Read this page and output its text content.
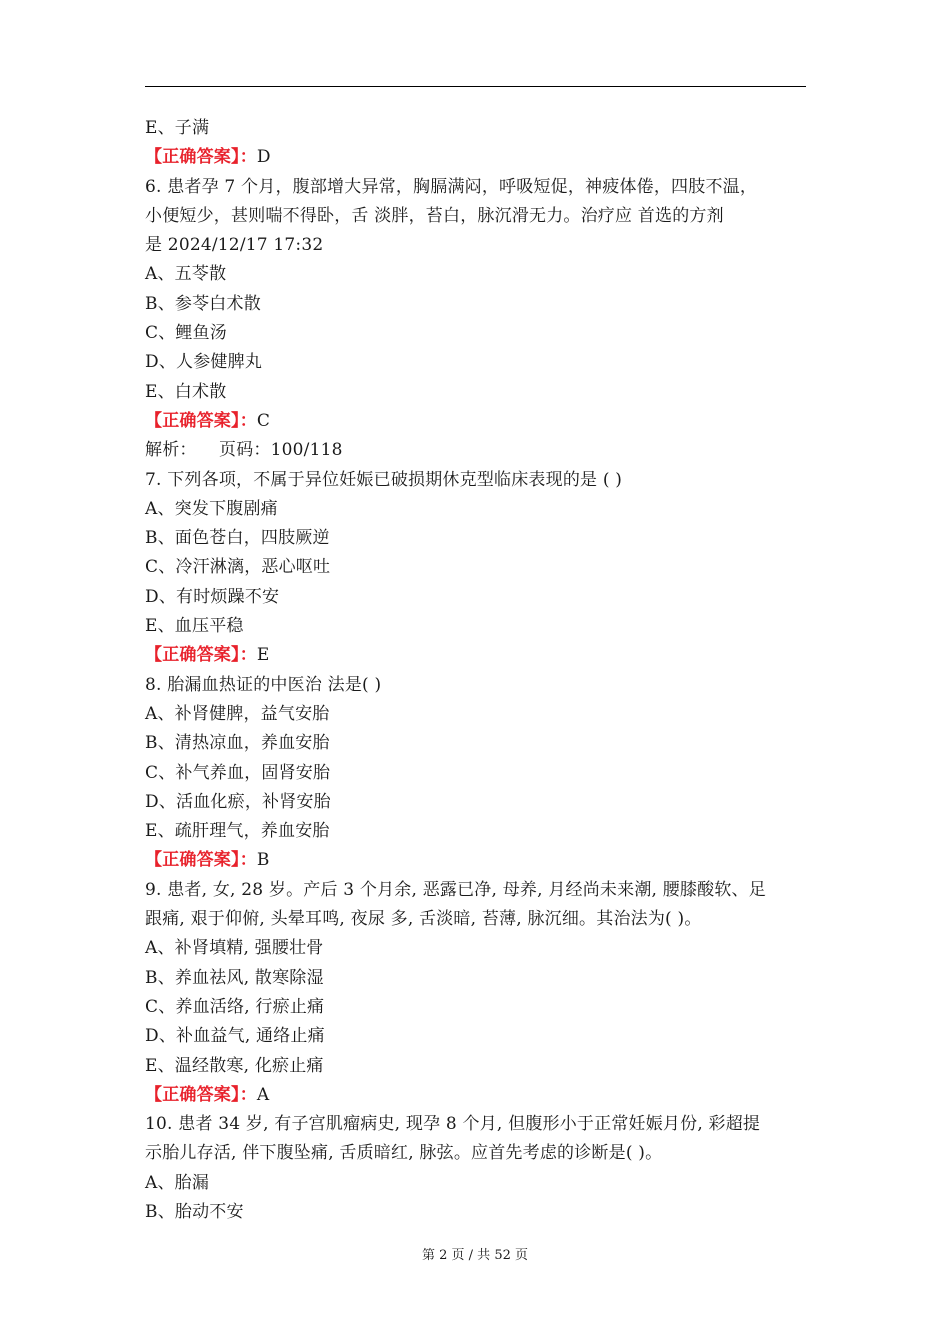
E、子满
【正确答案】：D
6. 患者孕 7 个月，腹部增大异常，胸膈满闷，呼吸短促，神疲体倦，四肢不温，
小便短少，甚则喘不得卧，舌 淡胖，苔白，脉沉滑无力。治疗应 首选的方剂
是 2024/12/17 17:32
A、五苓散
B、参苓白术散
C、鲤鱼汤
D、人参健脾丸
E、白术散
【正确答案】：C
解析：    页码：100/118
7. 下列各项，不属于异位妊娠已破损期休克型临床表现的是 ( )
A、突发下腹剧痛
B、面色苍白，四肢厥逆
C、冷汗淋漓，恶心呕吐
D、有时烦躁不安
E、血压平稳
【正确答案】：E
8. 胎漏血热证的中医治 法是( )
A、补肾健脾，益气安胎
B、清热凉血，养血安胎
C、补气养血，固肾安胎
D、活血化瘀，补肾安胎
E、疏肝理气，养血安胎
【正确答案】：B
9. 患者, 女, 28 岁。产后 3 个月余, 恶露已净, 母养, 月经尚未来潮, 腰膝酸软、足
跟痛, 艰于仰俯, 头晕耳鸣, 夜尿 多, 舌淡暗, 苔薄, 脉沉细。其治法为( )。
A、补肾填精, 强腰壮骨
B、养血祛风, 散寒除湿
C、养血活络, 行瘀止痛
D、补血益气, 通络止痛
E、温经散寒, 化瘀止痛
【正确答案】：A
10. 患者 34 岁, 有子宫肌瘤病史, 现孕 8 个月, 但腹形小于正常妊娠月份, 彩超提
示胎儿存活, 伴下腹坠痛, 舌质暗红, 脉弦。应首先考虑的诊断是( )。
A、胎漏
B、胎动不安
第 2 页 / 共 52 页
